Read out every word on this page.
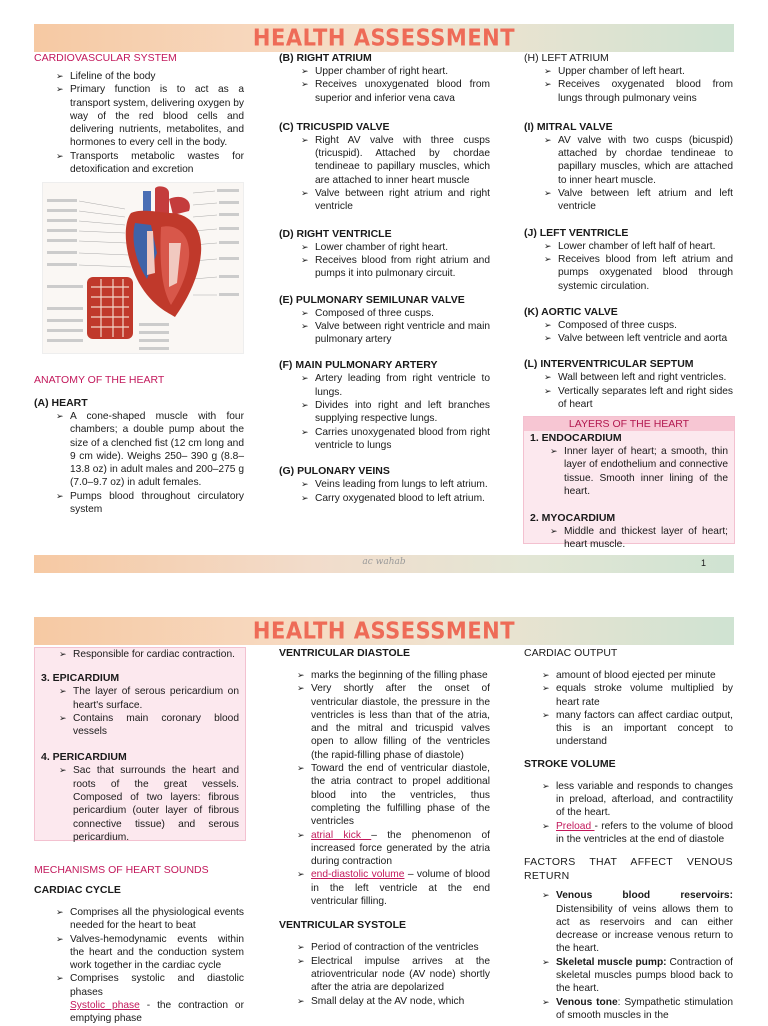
HEALTH ASSESSMENT
CARDIOVASCULAR SYSTEM
➢ Lifeline of the body
➢ Primary function is to act as a transport system, delivering oxygen by way of the red blood cells and delivering nutrients, metabolites, and hormones to every cell in the body.
➢ Transports metabolic wastes for detoxification and excretion
ANATOMY OF THE HEART
(A) HEART
➢ A cone-shaped muscle with four chambers; a double pump about the size of a clenched fist (12 cm long and 9 cm wide). Weighs 250– 390 g (8.8–13.8 oz) in adult males and 200–275 g (7.0–9.7 oz) in adult females.
➢ Pumps blood throughout circulatory system
(B) RIGHT ATRIUM
➢ Upper chamber of right heart.
➢ Receives unoxygenated blood from superior and inferior vena cava
(C) TRICUSPID VALVE
➢ Right AV valve with three cusps (tricuspid). Attached by chordae tendineae to papillary muscles, which are attached to inner heart muscle
➢ Valve between right atrium and right ventricle
(D) RIGHT VENTRICLE
➢ Lower chamber of right heart.
➢ Receives blood from right atrium and pumps it into pulmonary circuit.
(E) PULMONARY SEMILUNAR VALVE
➢ Composed of three cusps.
➢ Valve between right ventricle and main pulmonary artery
(F) MAIN PULMONARY ARTERY
➢ Artery leading from right ventricle to lungs.
➢ Divides into right and left branches supplying respective lungs.
➢ Carries unoxygenated blood from right ventricle to lungs
(G) PULONARY VEINS
➢ Veins leading from lungs to left atrium.
➢ Carry oxygenated blood to left atrium.
(H) LEFT ATRIUM
➢ Upper chamber of left heart.
➢ Receives oxygenated blood from lungs through pulmonary veins
(I) MITRAL VALVE
➢ AV valve with two cusps (bicuspid) attached by chordae tendineae to papillary muscles, which are attached to inner heart muscle.
➢ Valve between left atrium and left ventricle
(J) LEFT VENTRICLE
➢ Lower chamber of left half of heart.
➢ Receives blood from left atrium and pumps oxygenated blood through systemic circulation.
(K) AORTIC VALVE
➢ Composed of three cusps.
➢ Valve between left ventricle and aorta
(L) INTERVENTRICULAR SEPTUM
➢ Wall between left and right ventricles.
➢ Vertically separates left and right sides of heart
LAYERS OF THE HEART
1. ENDOCARDIUM
➢ Inner layer of heart; a smooth, thin layer of endothelium and connective tissue. Smooth inner lining of the heart.
2. MYOCARDIUM
➢ Middle and thickest layer of heart; heart muscle.
ac wahab	1
HEALTH ASSESSMENT
➢ Responsible for cardiac contraction.
3. EPICARDIUM
➢ The layer of serous pericardium on heart's surface.
➢ Contains main coronary blood vessels
4. PERICARDIUM
➢ Sac that surrounds the heart and roots of the great vessels. Composed of two layers: fibrous pericardium (outer layer of fibrous connective tissue) and serous pericardium.
MECHANISMS OF HEART SOUNDS
CARDIAC CYCLE
➢ Comprises all the physiological events needed for the heart to beat
➢ Valves-hemodynamic events within the heart and the conduction system work together in the cardiac cycle
➢ Comprises systolic and diastolic phases
Systolic phase - the contraction or emptying phase
VENTRICULAR DIASTOLE
➢ marks the beginning of the filling phase
➢ Very shortly after the onset of ventricular diastole, the pressure in the ventricles is less than that of the atria, and the mitral and tricuspid valves open to allow filling of the ventricles (the rapid-filling phase of diastole)
➢ Toward the end of ventricular diastole, the atria contract to propel additional blood into the ventricles, thus completing the fulfilling phase of the ventricles
➢ atrial kick – the phenomenon of increased force generated by the atria during contraction
➢ end-diastolic volume – volume of blood in the left ventricle at the end ventricular filling.
VENTRICULAR SYSTOLE
➢ Period of contraction of the ventricles
➢ Electrical impulse arrives at the atrioventricular node (AV node) shortly after the atria are depolarized
➢ Small delay at the AV node, which
CARDIAC OUTPUT
➢ amount of blood ejected per minute
➢ equals stroke volume multiplied by heart rate
➢ many factors can affect cardiac output, this is an important concept to understand
STROKE VOLUME
➢ less variable and responds to changes in preload, afterload, and contractility of the heart.
➢ Preload - refers to the volume of blood in the ventricles at the end of diastole
FACTORS THAT AFFECT VENOUS RETURN
➢ Venous blood reservoirs: Distensibility of veins allows them to act as reservoirs and can either decrease or increase venous return to the heart.
➢ Skeletal muscle pump: Contraction of skeletal muscles pumps blood back to the heart.
➢ Venous tone: Sympathetic stimulation of smooth muscles in the
